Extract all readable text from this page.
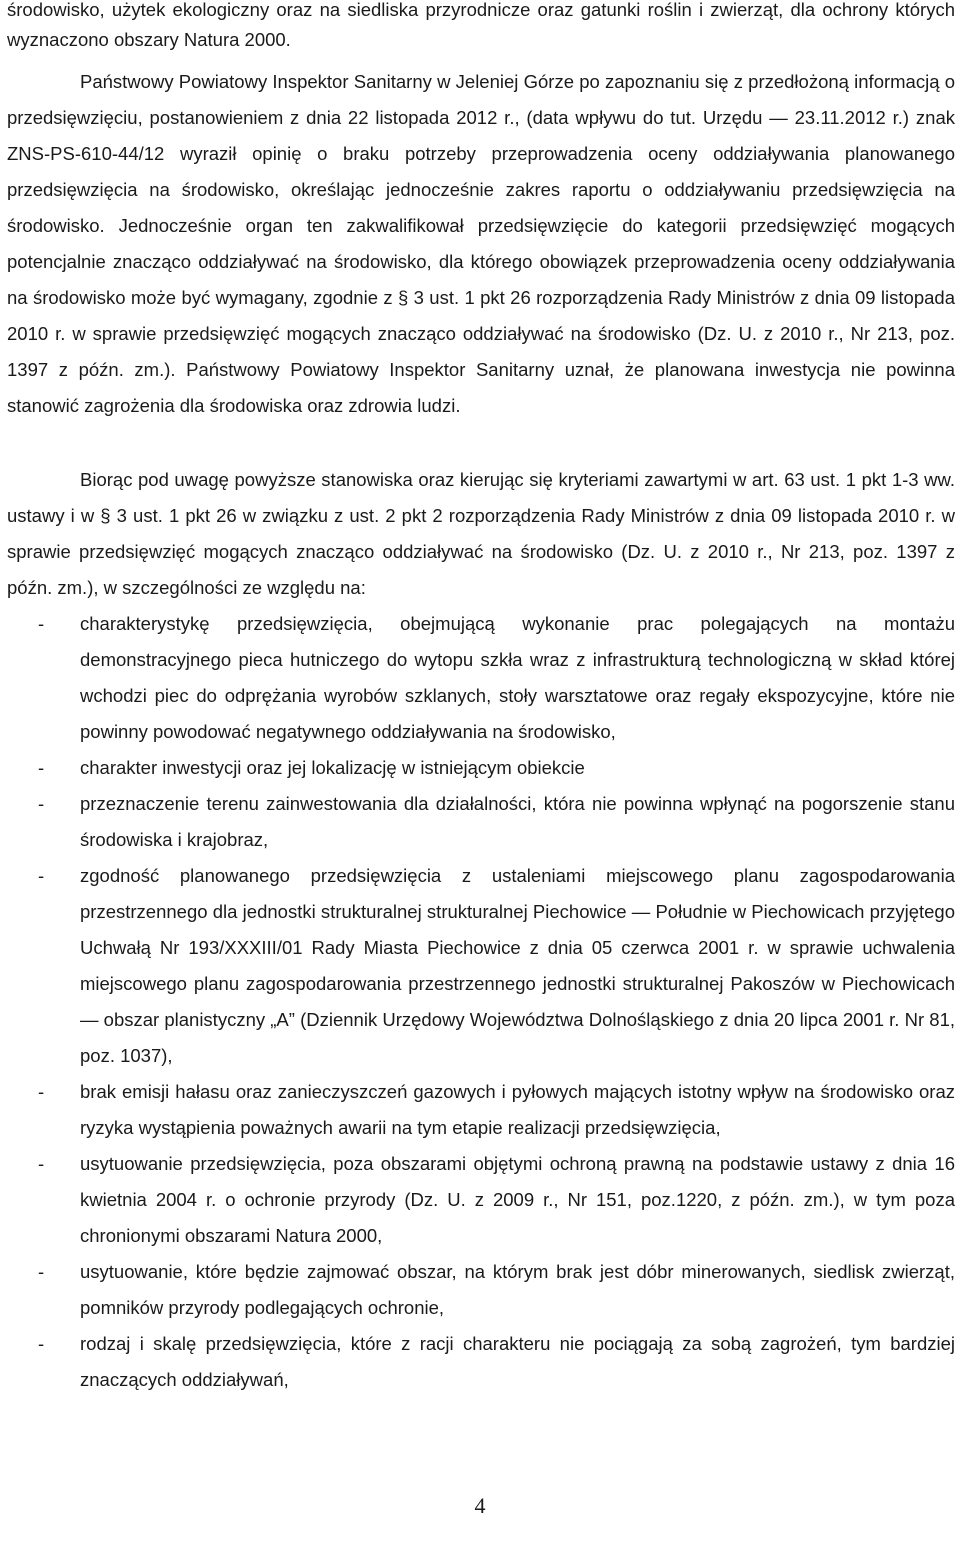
środowisko, użytek ekologiczny oraz na siedliska przyrodnicze oraz gatunki roślin i zwierząt, dla ochrony których wyznaczono obszary Natura 2000.

Państwowy Powiatowy Inspektor Sanitarny w Jeleniej Górze po zapoznaniu się z przedłożoną informacją o przedsięwzięciu, postanowieniem z dnia 22 listopada 2012 r., (data wpływu do tut. Urzędu — 23.11.2012 r.) znak ZNS-PS-610-44/12 wyraził opinię o braku potrzeby przeprowadzenia oceny oddziaływania planowanego przedsięwzięcia na środowisko, określając jednocześnie zakres raportu o oddziaływaniu przedsięwzięcia na środowisko. Jednocześnie organ ten zakwalifikował przedsięwzięcie do kategorii przedsięwzięć mogących potencjalnie znacząco oddziaływać na środowisko, dla którego obowiązek przeprowadzenia oceny oddziaływania na środowisko może być wymagany, zgodnie z § 3 ust. 1 pkt 26 rozporządzenia Rady Ministrów z dnia 09 listopada 2010 r. w sprawie przedsięwzięć mogących znacząco oddziaływać na środowisko (Dz. U. z 2010 r., Nr 213, poz. 1397 z późn. zm.). Państwowy Powiatowy Inspektor Sanitarny uznał, że planowana inwestycja nie powinna stanowić zagrożenia dla środowiska oraz zdrowia ludzi.

Biorąc pod uwagę powyższe stanowiska oraz kierując się kryteriami zawartymi w art. 63 ust. 1 pkt 1-3 ww. ustawy i w § 3 ust. 1 pkt 26 w związku z ust. 2 pkt 2 rozporządzenia Rady Ministrów z dnia 09 listopada 2010 r. w sprawie przedsięwzięć mogących znacząco oddziaływać na środowisko (Dz. U. z 2010 r., Nr 213, poz. 1397 z późn. zm.), w szczególności ze względu na:

- charakterystykę przedsięwzięcia, obejmującą wykonanie prac polegających na montażu demonstracyjnego pieca hutniczego do wytopu szkła wraz z infrastrukturą technologiczną w skład której wchodzi piec do odprężania wyrobów szklanych, stoły warsztatowe oraz regały ekspozycyjne, które nie powinny powodować negatywnego oddziaływania na środowisko,

- charakter inwestycji oraz jej lokalizację w istniejącym obiekcie

- przeznaczenie terenu zainwestowania dla działalności, która nie powinna wpłynąć na pogorszenie stanu środowiska i krajobraz,

- zgodność planowanego przedsięwzięcia z ustaleniami miejscowego planu zagospodarowania przestrzennego dla jednostki strukturalnej strukturalnej Piechowice — Południe w Piechowicach przyjętego Uchwałą Nr 193/XXXIII/01 Rady Miasta Piechowice z dnia 05 czerwca 2001 r. w sprawie uchwalenia miejscowego planu zagospodarowania przestrzennego jednostki strukturalnej Pakoszów w Piechowicach — obszar planistyczny „A” (Dziennik Urzędowy Województwa Dolnośląskiego z dnia 20 lipca 2001 r. Nr 81, poz. 1037),

- brak emisji hałasu oraz zanieczyszczeń gazowych i pyłowych mających istotny wpływ na środowisko oraz ryzyka wystąpienia poważnych awarii na tym etapie realizacji przedsięwzięcia,

- usytuowanie przedsięwzięcia, poza obszarami objętymi ochroną prawną na podstawie ustawy z dnia 16 kwietnia 2004 r. o ochronie przyrody (Dz. U. z 2009 r., Nr 151, poz.1220, z późn. zm.), w tym poza chronionymi obszarami Natura 2000,

- usytuowanie, które będzie zajmować obszar, na którym brak jest dóbr minerowanych, siedlisk zwierząt, pomników przyrody podlegających ochronie,

- rodzaj i skalę przedsięwzięcia, które z racji charakteru nie pociągają za sobą zagrożeń, tym bardziej znaczących oddziaływań,

4
